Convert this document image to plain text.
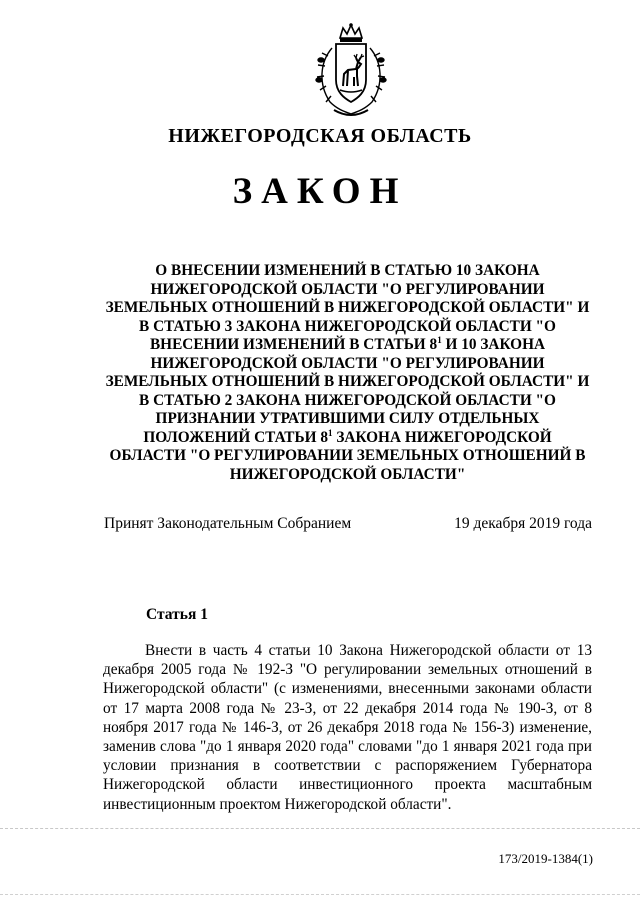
НИЖЕГОРОДСКАЯ ОБЛАСТЬ
ЗАКОН
О ВНЕСЕНИИ ИЗМЕНЕНИЙ В СТАТЬЮ 10 ЗАКОНА
НИЖЕГОРОДСКОЙ ОБЛАСТИ "О РЕГУЛИРОВАНИИ
ЗЕМЕЛЬНЫХ ОТНОШЕНИЙ В НИЖЕГОРОДСКОЙ ОБЛАСТИ" И
В СТАТЬЮ 3 ЗАКОНА НИЖЕГОРОДСКОЙ ОБЛАСТИ "О
ВНЕСЕНИИ ИЗМЕНЕНИЙ В СТАТЬИ $8^1$ И 10 ЗАКОНА
НИЖЕГОРОДСКОЙ ОБЛАСТИ "О РЕГУЛИРОВАНИИ
ЗЕМЕЛЬНЫХ ОТНОШЕНИЙ В НИЖЕГОРОДСКОЙ ОБЛАСТИ" И
В СТАТЬЮ 2 ЗАКОНА НИЖЕГОРОДСКОЙ ОБЛАСТИ "О
ПРИЗНАНИИ УТРАТИВШИМИ СИЛУ ОТДЕЛЬНЫХ
ПОЛОЖЕНИЙ СТАТЬИ $8^1$ ЗАКОНА НИЖЕГОРОДСКОЙ
ОБЛАСТИ "О РЕГУЛИРОВАНИИ ЗЕМЕЛЬНЫХ ОТНОШЕНИЙ В
НИЖЕГОРОДСКОЙ ОБЛАСТИ"
Принят Законодательным Собранием	19 декабря 2019 года
Статья 1
Внести в часть 4 статьи 10 Закона Нижегородской области от 13 декабря 2005 года № 192-З "О регулировании земельных отношений в Нижегородской области" (с изменениями, внесенными законами области от 17 марта 2008 года № 23-З, от 22 декабря 2014 года № 190-З, от 8 ноября 2017 года № 146-З, от 26 декабря 2018 года № 156-З) изменение, заменив слова "до 1 января 2020 года" словами "до 1 января 2021 года при условии признания в соответствии с распоряжением Губернатора Нижегородской области инвестиционного проекта масштабным инвестиционным проектом Нижегородской области".
173/2019-1384(1)
